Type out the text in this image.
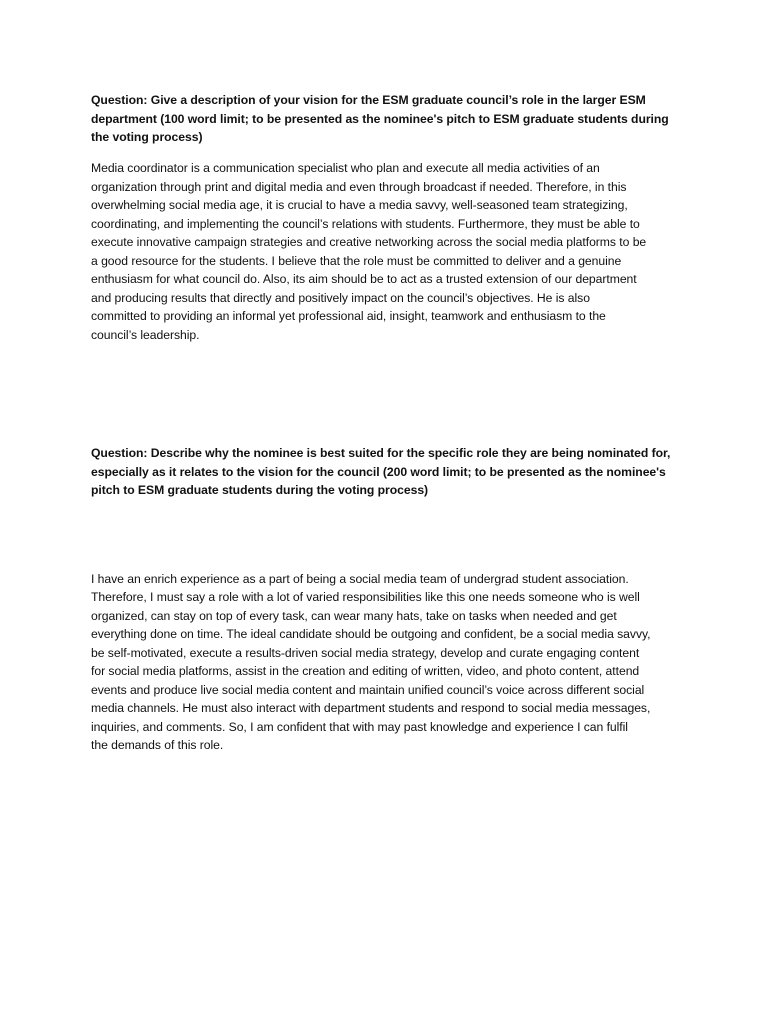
Question: Give a description of your vision for the ESM graduate council’s role in the larger ESM

department (100 word limit; to be presented as the nominee's pitch to ESM graduate students during

the voting process)

Media coordinator is a communication specialist who plan and execute all media activities of an

organization through print and digital media and even through broadcast if needed. Therefore, in this

overwhelming social media age, it is crucial to have a media savvy, well-seasoned team strategizing,

coordinating, and implementing the council’s relations with students. Furthermore, they must be able to

execute innovative campaign strategies and creative networking across the social media platforms to be

a good resource for the students. I believe that the role must be committed to deliver and a genuine

enthusiasm for what council do. Also, its aim should be to act as a trusted extension of our department

and producing results that directly and positively impact on the council’s objectives. He is also

committed to providing an informal yet professional aid, insight, teamwork and enthusiasm to the

council’s leadership.

Question: Describe why the nominee is best suited for the specific role they are being nominated for,

especially as it relates to the vision for the council (200 word limit; to be presented as the nominee's

pitch to ESM graduate students during the voting process)

I have an enrich experience as a part of being a social media team of undergrad student association.

Therefore, I must say a role with a lot of varied responsibilities like this one needs someone who is well

organized, can stay on top of every task, can wear many hats, take on tasks when needed and get

everything done on time. The ideal candidate should be outgoing and confident, be a social media savvy,

be self-motivated, execute a results-driven social media strategy, develop and curate engaging content

for social media platforms, assist in the creation and editing of written, video, and photo content, attend

events and produce live social media content and maintain unified council’s voice across different social

media channels. He must also interact with department students and respond to social media messages,

inquiries, and comments. So, I am confident that with may past knowledge and experience I can fulfil

the demands of this role.
